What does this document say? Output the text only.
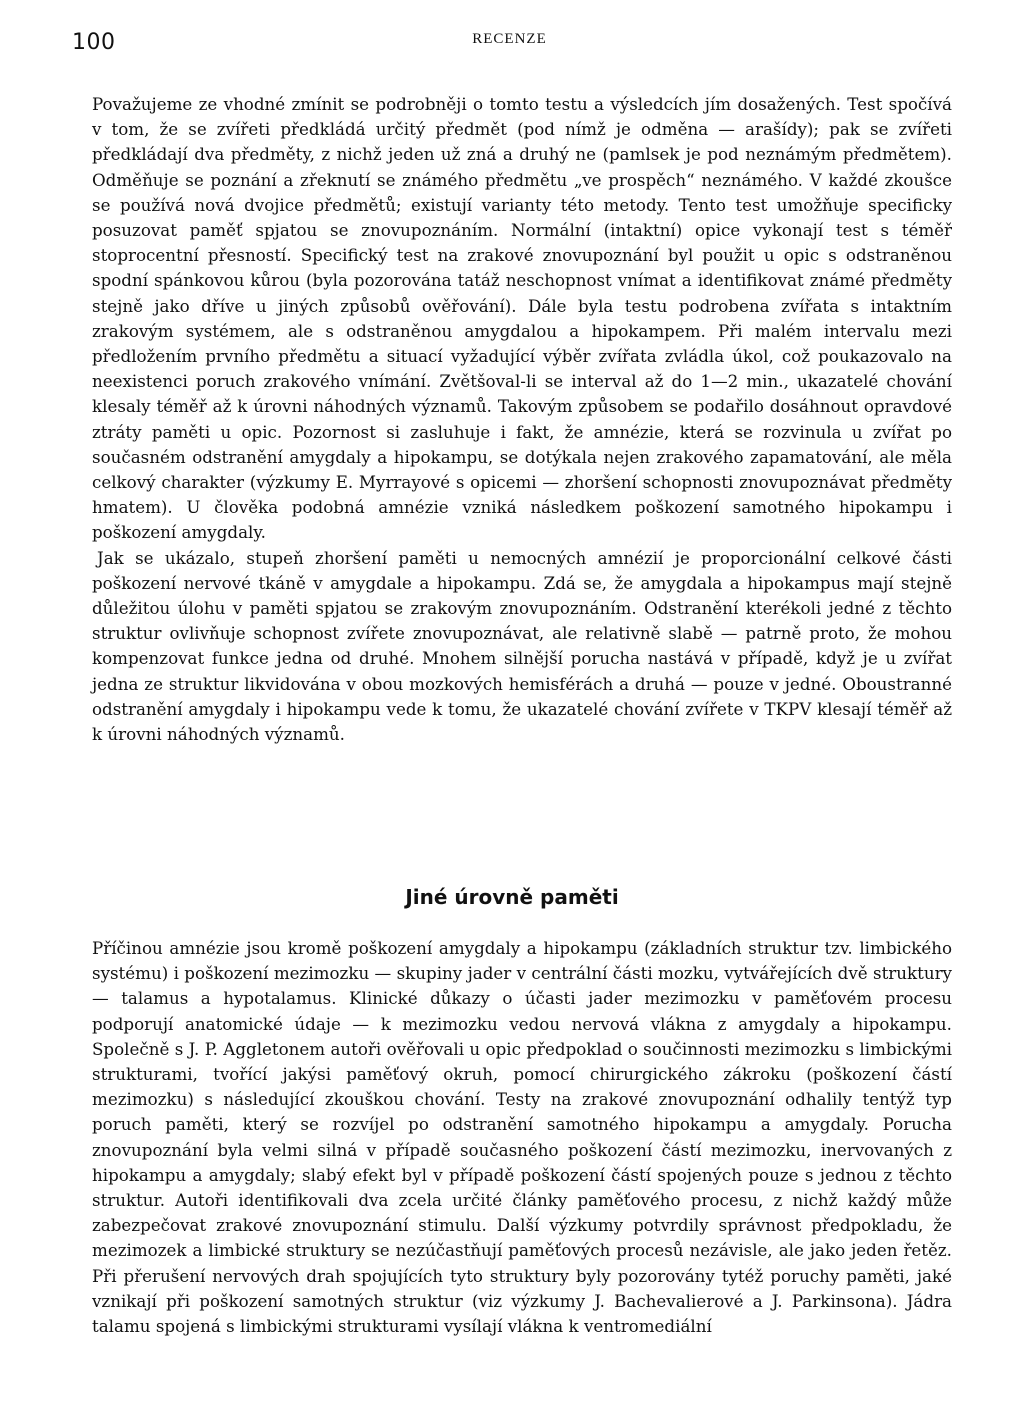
100	RECENZE

Považujeme ze vhodné zmínit se podrobněji o tomto testu a výsledcích jím dosažených. Test spočívá v tom, že se zvířeti předkládá určitý předmět (pod nímž je odměna — arašídy); pak se zvířeti předkládají dva předměty, z nichž jeden už zná a druhý ne (pamlsek je pod neznámým předmětem). Odměňuje se poznání a zřeknutí se známého předmětu „ve prospěch“ neznámého. V každé zkoušce se používá nová dvojice předmětů; existují varianty této metody. Tento test umožňuje specificky posuzovat paměť spjatou se znovupoznáním. Normální (intaktní) opice vykonají test s téměř stoprocentní přesností. Specifický test na zrakové znovupoznání byl použit u opic s odstraněnou spodní spánkovou kůrou (byla pozorována tatáž neschopnost vnímat a identifikovat známé předměty stejně jako dříve u jiných způsobů ověřování). Dále byla testu podrobena zvířata s intaktním zrakovým systémem, ale s odstraněnou amygdalou a hipokampem. Při malém intervalu mezi předložením prvního předmětu a situací vyžadující výběr zvířata zvládla úkol, což poukazovalo na neexistenci poruch zrakového vnímání. Zvětšoval-li se interval až do 1—2 min., ukazatelé chování klesaly téměř až k úrovni náhodných významů. Takovým způsobem se podařilo dosáhnout opravdové ztráty paměti u opic. Pozornost si zasluhuje i fakt, že amnézie, která se rozvinula u zvířat po současném odstranění amygdaly a hipokampu, se dotýkala nejen zrakového zapamatování, ale měla celkový charakter (výzkumy E. Myrrayové s opicemi — zhoršení schopnosti znovupoznávat předměty hmatem). U člověka podobná amnézie vzniká následkem poškození samotného hipokampu i poškození amygdaly.

Jak se ukázalo, stupeň zhoršení paměti u nemocných amnézií je proporcionální celkové části poškození nervové tkáně v amygdale a hipokampu. Zdá se, že amygdala a hipokampus mají stejně důležitou úlohu v paměti spjatou se zrakovým znovupoznáním. Odstranění kterékoli jedné z těchto struktur ovlivňuje schopnost zvířete znovupoznávat, ale relativně slabě — patrně proto, že mohou kompenzovat funkce jedna od druhé. Mnohem silnější porucha nastává v případě, když je u zvířat jedna ze struktur likvidována v obou mozkových hemisférách a druhá — pouze v jedné. Oboustranné odstranění amygdaly i hipokampu vede k tomu, že ukazatelé chování zvířete v TKPV klesají téměř až k úrovni náhodných významů.

Jiné úrovně paměti

Příčinou amnézie jsou kromě poškození amygdaly a hipokampu (základních struktur tzv. limbického systému) i poškození mezimozku — skupiny jader v centrální části mozku, vytvářejících dvě struktury — talamus a hypotalamus. Klinické důkazy o účasti jader mezimozku v paměťovém procesu podporují anatomické údaje — k mezimozku vedou nervová vlákna z amygdaly a hipokampu. Společně s J. P. Aggletonem autoři ověřovali u opic předpoklad o součinnosti mezimozku s limbickými strukturami, tvořící jakýsi paměťový okruh, pomocí chirurgického zákroku (poškození částí mezimozku) s následující zkouškou chování. Testy na zrakové znovupoznání odhalily tentýž typ poruch paměti, který se rozvíjel po odstranění samotného hipokampu a amygdaly. Porucha znovupoznání byla velmi silná v případě současného poškození částí mezimozku, inervovaných z hipokampu a amygdaly; slabý efekt byl v případě poškození částí spojených pouze s jednou z těchto struktur. Autoři identifikovali dva zcela určité články paměťového procesu, z nichž každý může zabezpečovat zrakové znovupoznání stimulu. Další výzkumy potvrdily správnost předpokladu, že mezimozek a limbické struktury se nezúčastňují paměťových procesů nezávisle, ale jako jeden řetěz. Při přerušení nervových drah spojujících tyto struktury byly pozorovány tytéž poruchy paměti, jaké vznikají při poškození samotných struktur (viz výzkumy J. Bachevalierové a J. Parkinsona). Jádra talamu spojená s limbickými strukturami vysílají vlákna k ventromediální
